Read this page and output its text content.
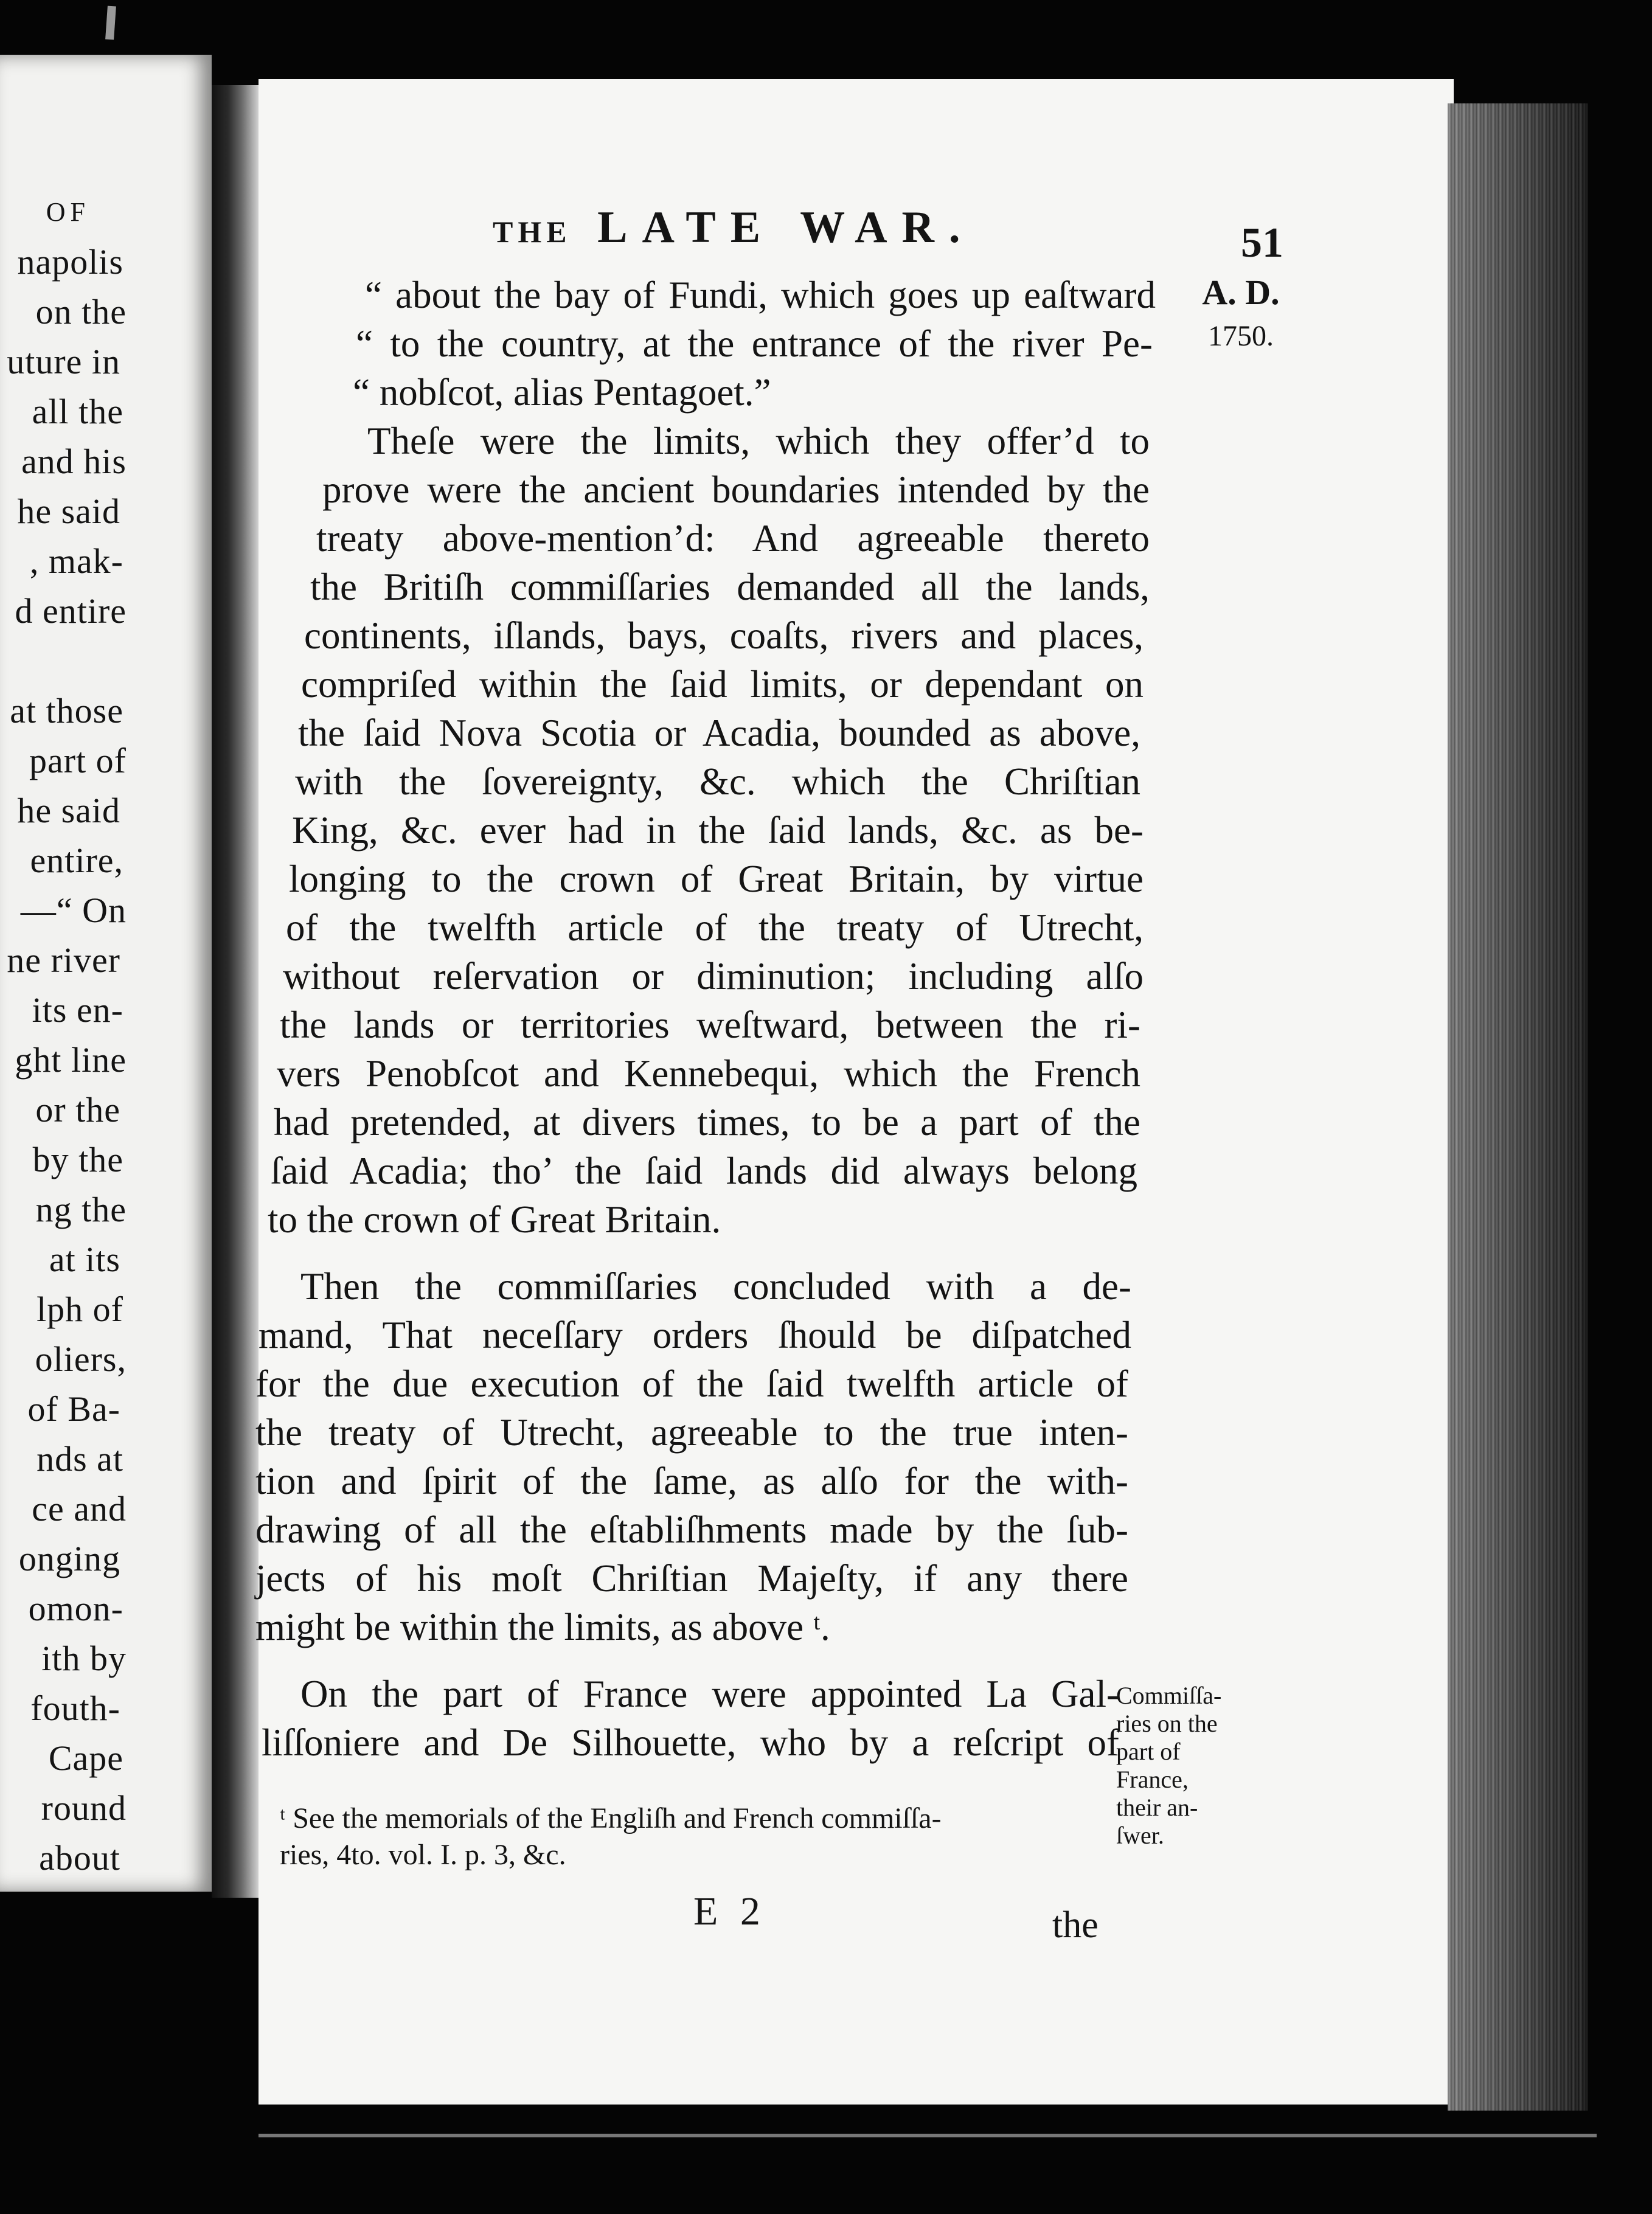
OF
napolis
on the
uture in
all the
and his
he said
, mak-
d entire
at those
part of
he said
entire,
—“ On
ne river
its en-
ght line
or the
by the
ng the
at its
lph of
oliers,
of Ba-
nds at
ce and
onging
omon-
ith by
fouth-
Cape
round
about
THE LATE WAR.	51
A. D.
1750.
“ about the bay of Fundi, which goes up eaſtward
“ to the country, at the entrance of the river Pe-
“ nobſcot, alias Pentagoet.”
Theſe were the limits, which they offer’d to
prove were the ancient boundaries intended by the
treaty above-mention’d: And agreeable thereto
the Britiſh commiſſaries demanded all the lands,
continents, iſlands, bays, coaſts, rivers and places,
compriſed within the ſaid limits, or dependant on
the ſaid Nova Scotia or Acadia, bounded as above,
with the ſovereignty, &c. which the Chriſtian
King, &c. ever had in the ſaid lands, &c. as be-
longing to the crown of Great Britain, by virtue
of the twelfth article of the treaty of Utrecht,
without reſervation or diminution; including alſo
the lands or territories weſtward, between the ri-
vers Penobſcot and Kennebequi, which the French
had pretended, at divers times, to be a part of the
ſaid Acadia; tho’ the ſaid lands did always belong
to the crown of Great Britain.
Then the commiſſaries concluded with a de-
mand, That neceſſary orders ſhould be diſpatched
for the due execution of the ſaid twelfth article of
the treaty of Utrecht, agreeable to the true inten-
tion and ſpirit of the ſame, as alſo for the with-
drawing of all the eſtabliſhments made by the ſub-
jects of his moſt Chriſtian Majeſty, if any there
might be within the limits, as above ᵗ.
On the part of France were appointed La Gal-
liſſoniere and De Silhouette, who by a reſcript of
Commiſſa-
ries on the
part of
France,
their an-
ſwer.
ᵗ See the memorials of the Engliſh and French commiſſa-
ries, 4to. vol. I. p. 3, &c.
E 2	the
